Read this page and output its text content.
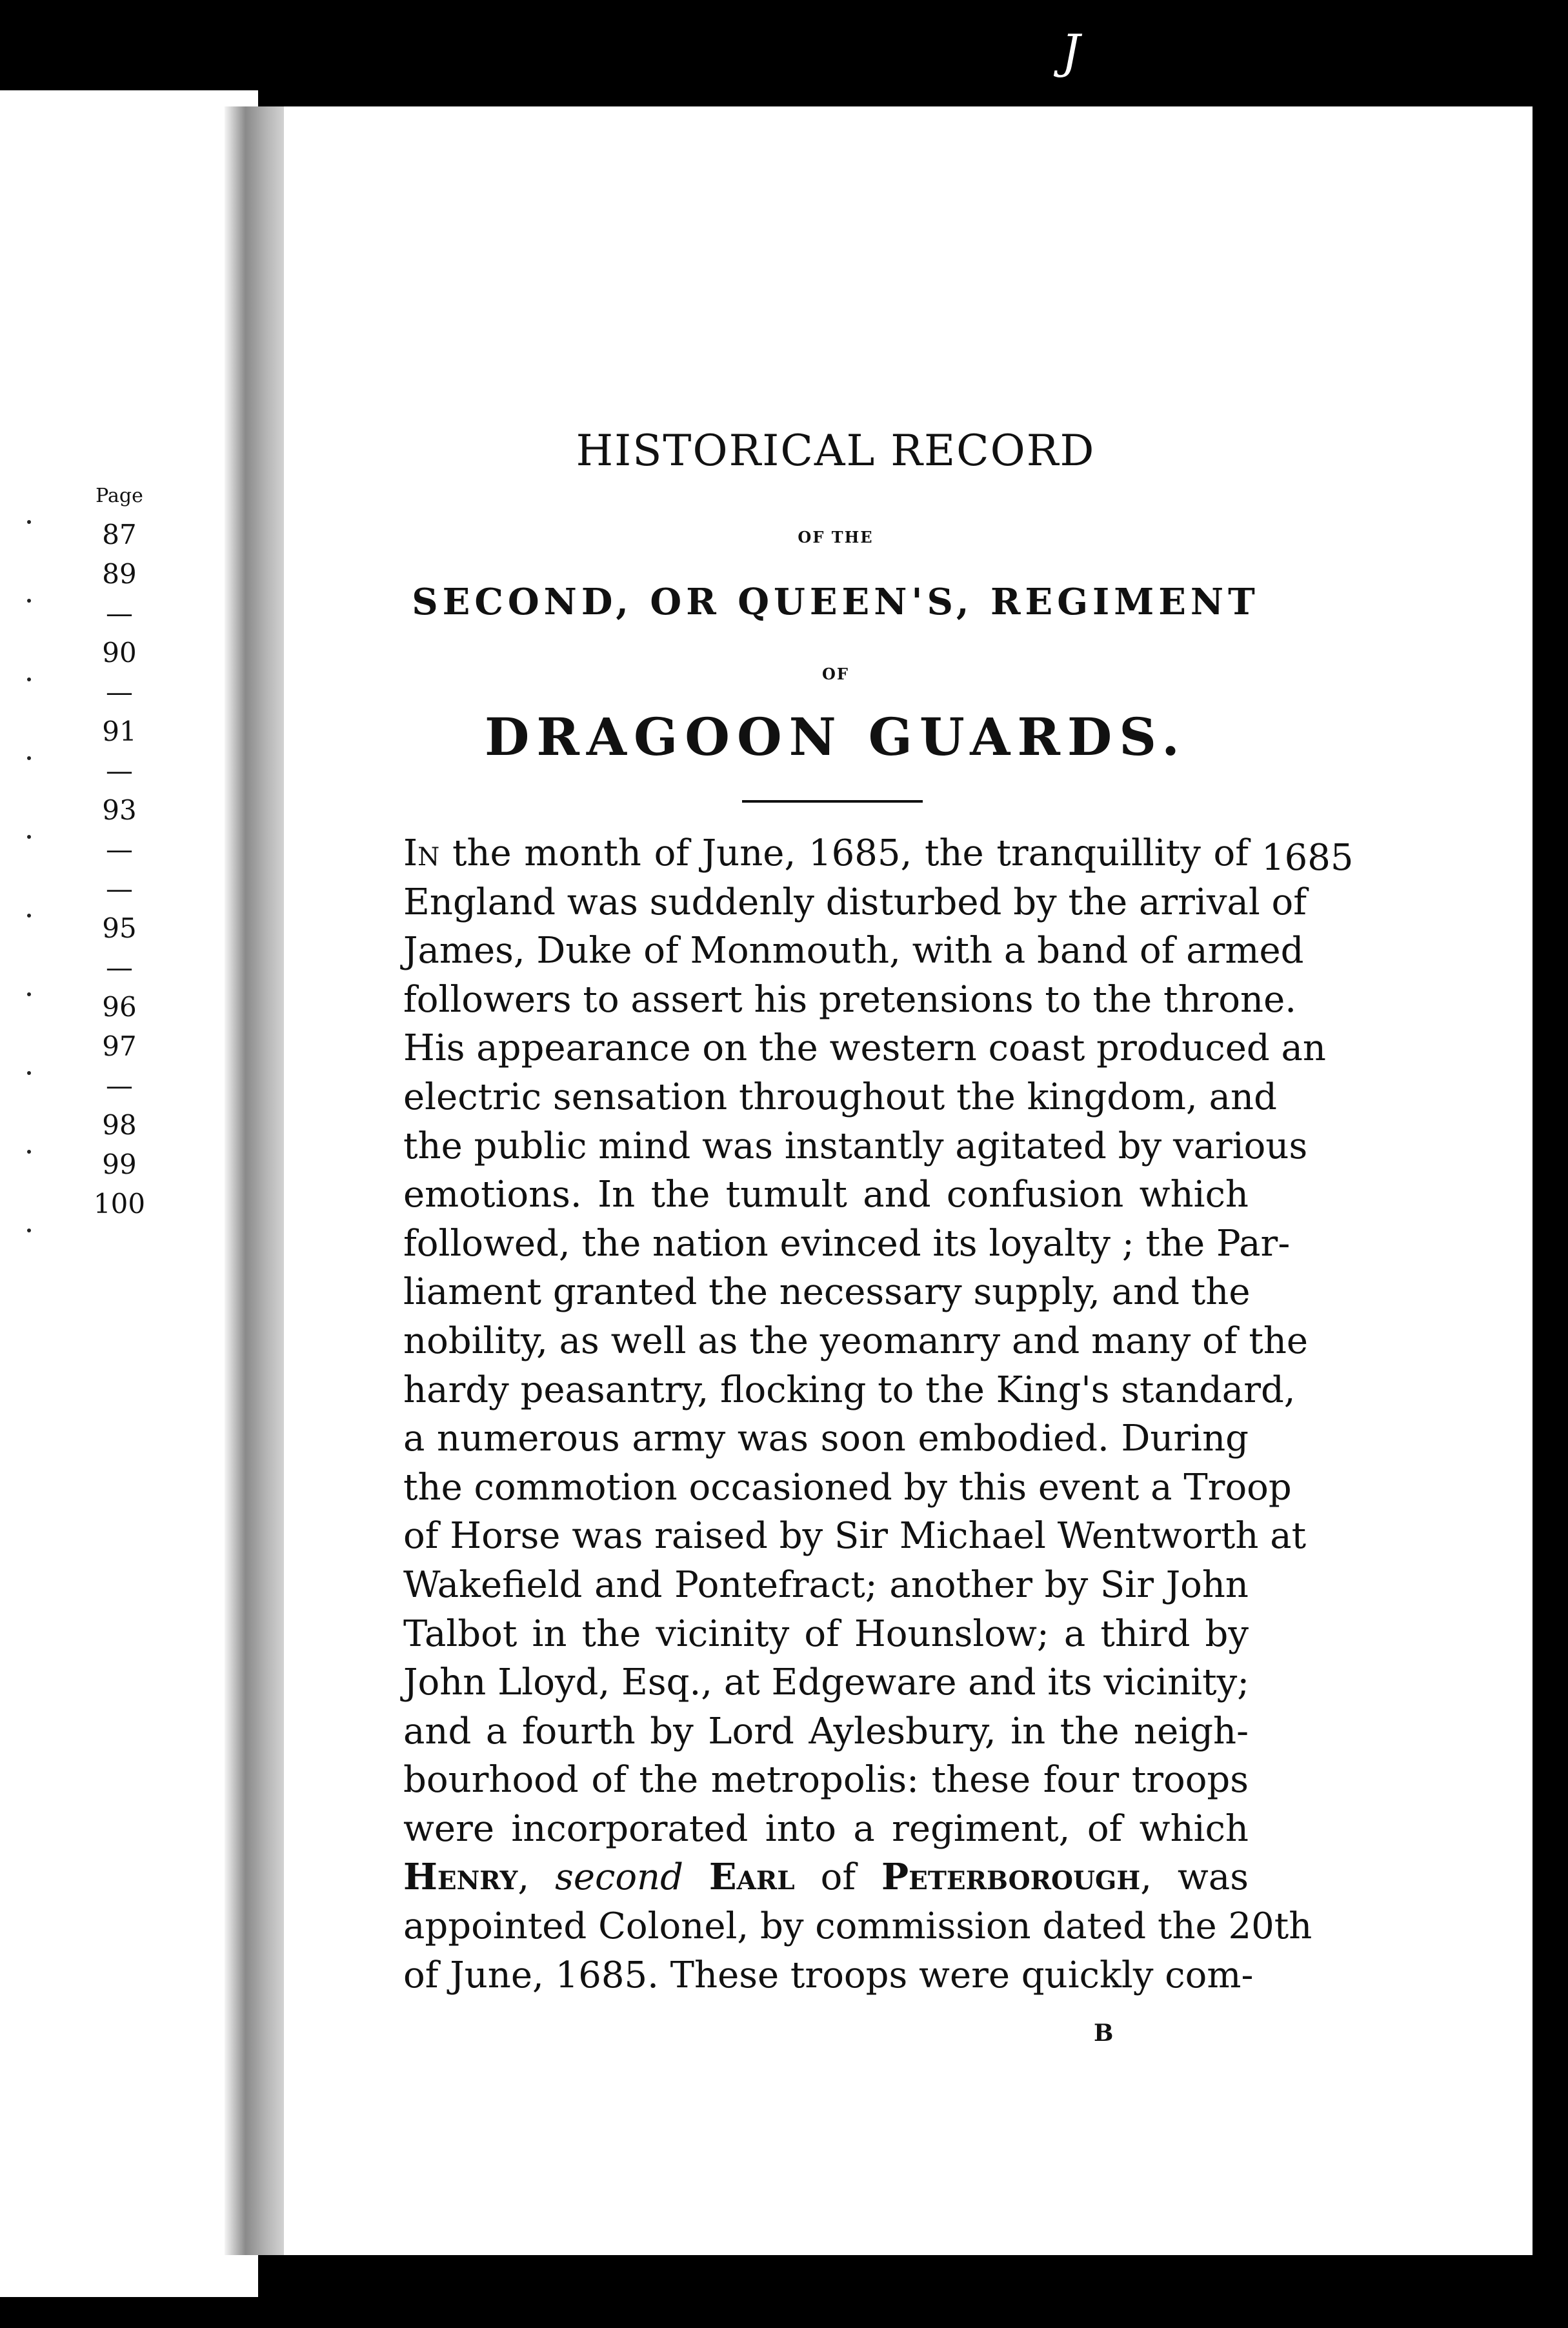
Page
87
89
—
90
—
91
—
93
—
—
95
—
96
97
—
98
99
100
J
HISTORICAL RECORD
OF THE
SECOND, OR QUEEN'S, REGIMENT
OF
DRAGOON GUARDS.
1685
In the month of June, 1685, the tranquillity of
England was suddenly disturbed by the arrival of
James, Duke of Monmouth, with a band of armed
followers to assert his pretensions to the throne.
His appearance on the western coast produced an
electric sensation throughout the kingdom, and
the public mind was instantly agitated by various
emotions. In the tumult and confusion which
followed, the nation evinced its loyalty ; the Par-
liament granted the necessary supply, and the
nobility, as well as the yeomanry and many of the
hardy peasantry, flocking to the King's standard,
a numerous army was soon embodied. During
the commotion occasioned by this event a Troop
of Horse was raised by Sir Michael Wentworth at
Wakefield and Pontefract; another by Sir John
Talbot in the vicinity of Hounslow; a third by
John Lloyd, Esq., at Edgeware and its vicinity;
and a fourth by Lord Aylesbury, in the neigh-
bourhood of the metropolis: these four troops
were incorporated into a regiment, of which
Henry, second Earl of Peterborough, was
appointed Colonel, by commission dated the 20th
of June, 1685. These troops were quickly com-
B
